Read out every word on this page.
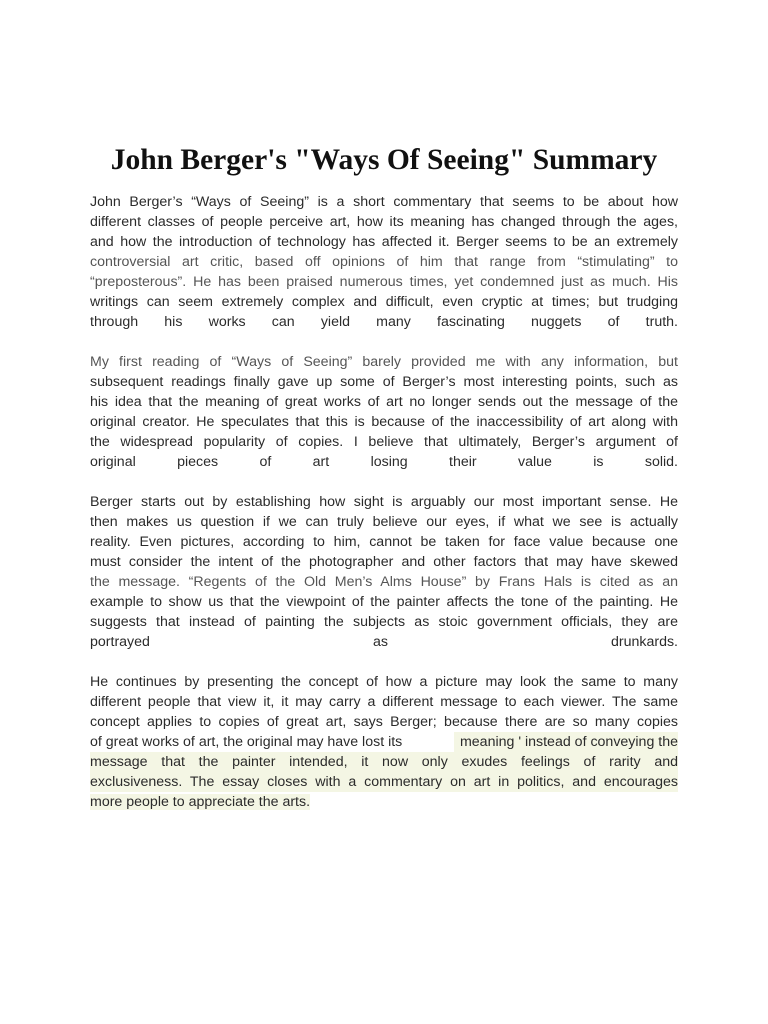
John Berger's "Ways Of Seeing" Summary
John Berger’s “Ways of Seeing” is a short commentary that seems to be about how
different classes of people perceive art, how its meaning has changed through the ages,
and how the introduction of technology has affected it. Berger seems to be an extremely
controversial art critic, based off opinions of him that range from “stimulating” to
“preposterous”. He has been praised numerous times, yet condemned just as much. His
writings can seem extremely complex and difficult, even cryptic at times; but trudging
through his works can yield many fascinating nuggets of truth.
My first reading of “Ways of Seeing” barely provided me with any information, but
subsequent readings finally gave up some of Berger’s most interesting points, such as
his idea that the meaning of great works of art no longer sends out the message of the
original creator. He speculates that this is because of the inaccessibility of art along with
the widespread popularity of copies. I believe that ultimately, Berger’s argument of
original pieces of art losing their value is solid.
Berger starts out by establishing how sight is arguably our most important sense. He
then makes us question if we can truly believe our eyes, if what we see is actually
reality. Even pictures, according to him, cannot be taken for face value because one
must consider the intent of the photographer and other factors that may have skewed
the message. “Regents of the Old Men’s Alms House” by Frans Hals is cited as an
example to show us that the viewpoint of the painter affects the tone of the painting. He
suggests that instead of painting the subjects as stoic government officials, they are
portrayed as drunkards.
He continues by presenting the concept of how a picture may look the same to many
different people that view it, it may carry a different message to each viewer. The same
concept applies to copies of great art, says Berger; because there are so many copies
of great works of art, the original may have lost its	meaning ' instead of conveying the
message that the painter intended, it now only exudes feelings of rarity and
exclusiveness. The essay closes with a commentary on art in politics, and encourages
more people to appreciate the arts.
